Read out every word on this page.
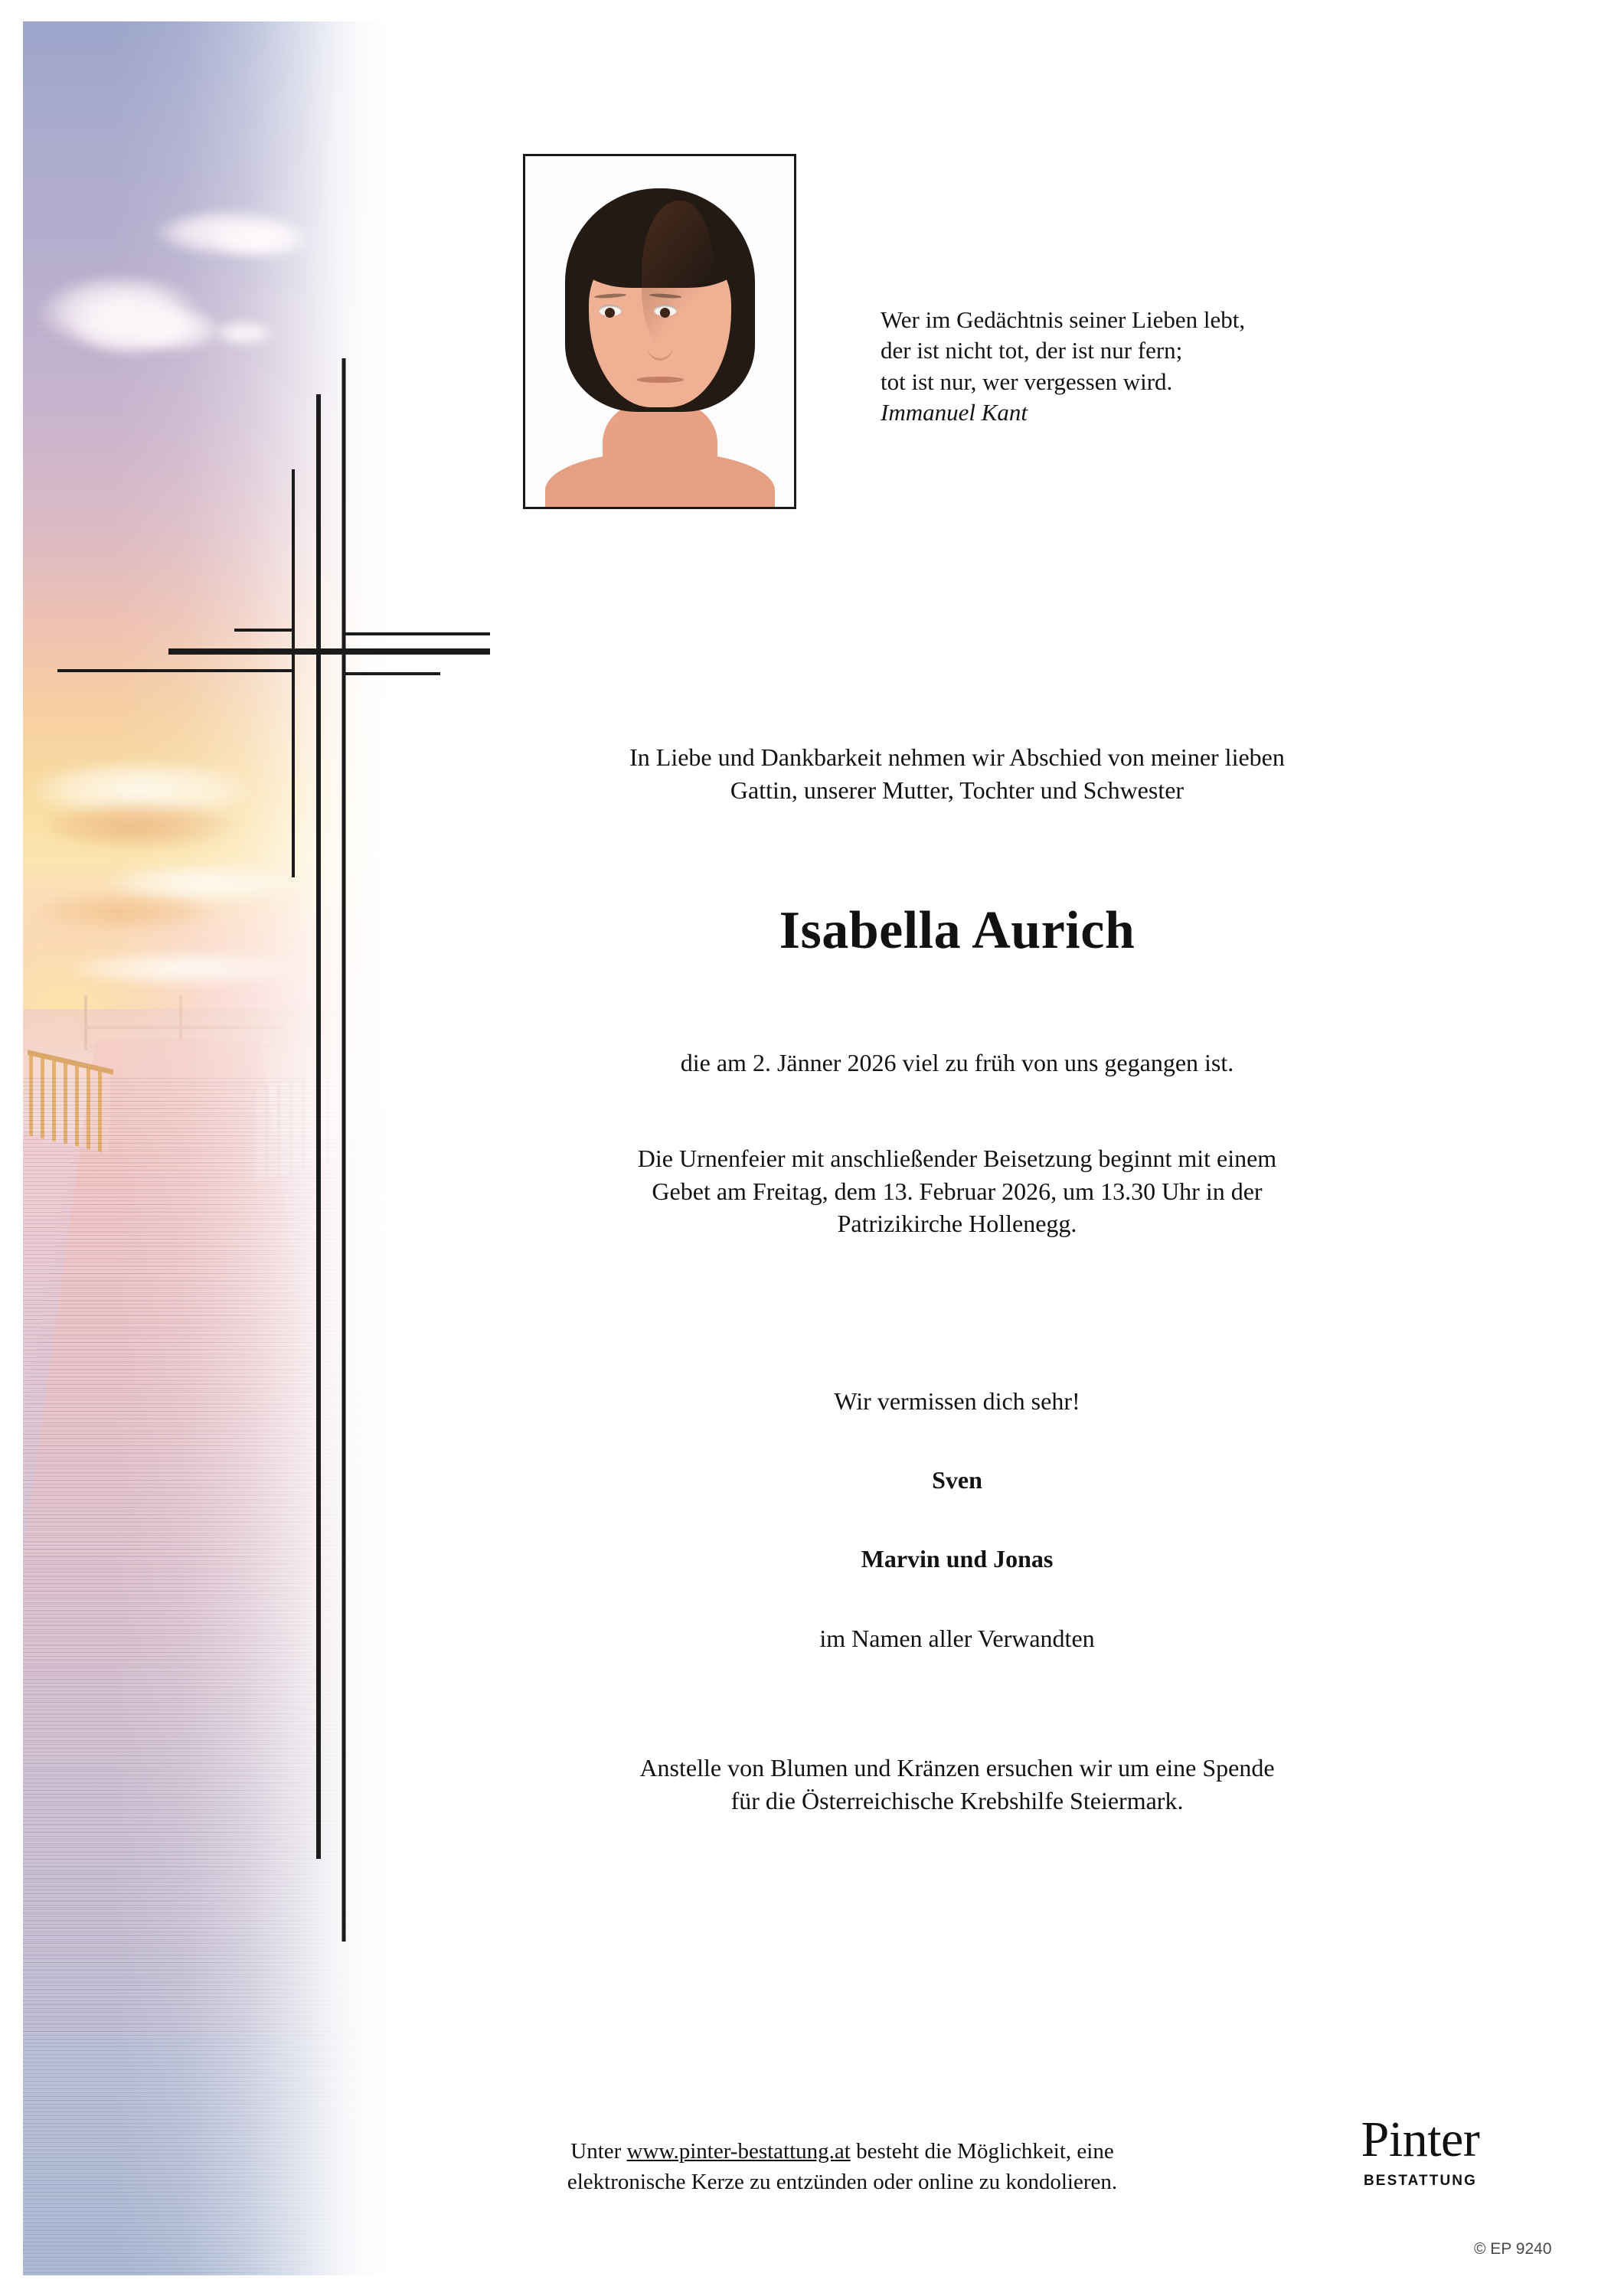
Wer im Gedächtnis seiner Lieben lebt,
der ist nicht tot, der ist nur fern;
tot ist nur, wer vergessen wird.
Immanuel Kant
In Liebe und Dankbarkeit nehmen wir Abschied von meiner lieben
Gattin, unserer Mutter, Tochter und Schwester
Isabella Aurich
die am 2. Jänner 2026 viel zu früh von uns gegangen ist.
Die Urnenfeier mit anschließender Beisetzung beginnt mit einem
Gebet am Freitag, dem 13. Februar 2026, um 13.30 Uhr in der
Patrizikirche Hollenegg.
Wir vermissen dich sehr!
Sven
Marvin und Jonas
im Namen aller Verwandten
Anstelle von Blumen und Kränzen ersuchen wir um eine Spende
für die Österreichische Krebshilfe Steiermark.
Unter www.pinter-bestattung.at besteht die Möglichkeit, eine
elektronische Kerze zu entzünden oder online zu kondolieren.
Pinter
BESTATTUNG
© EP 9240
